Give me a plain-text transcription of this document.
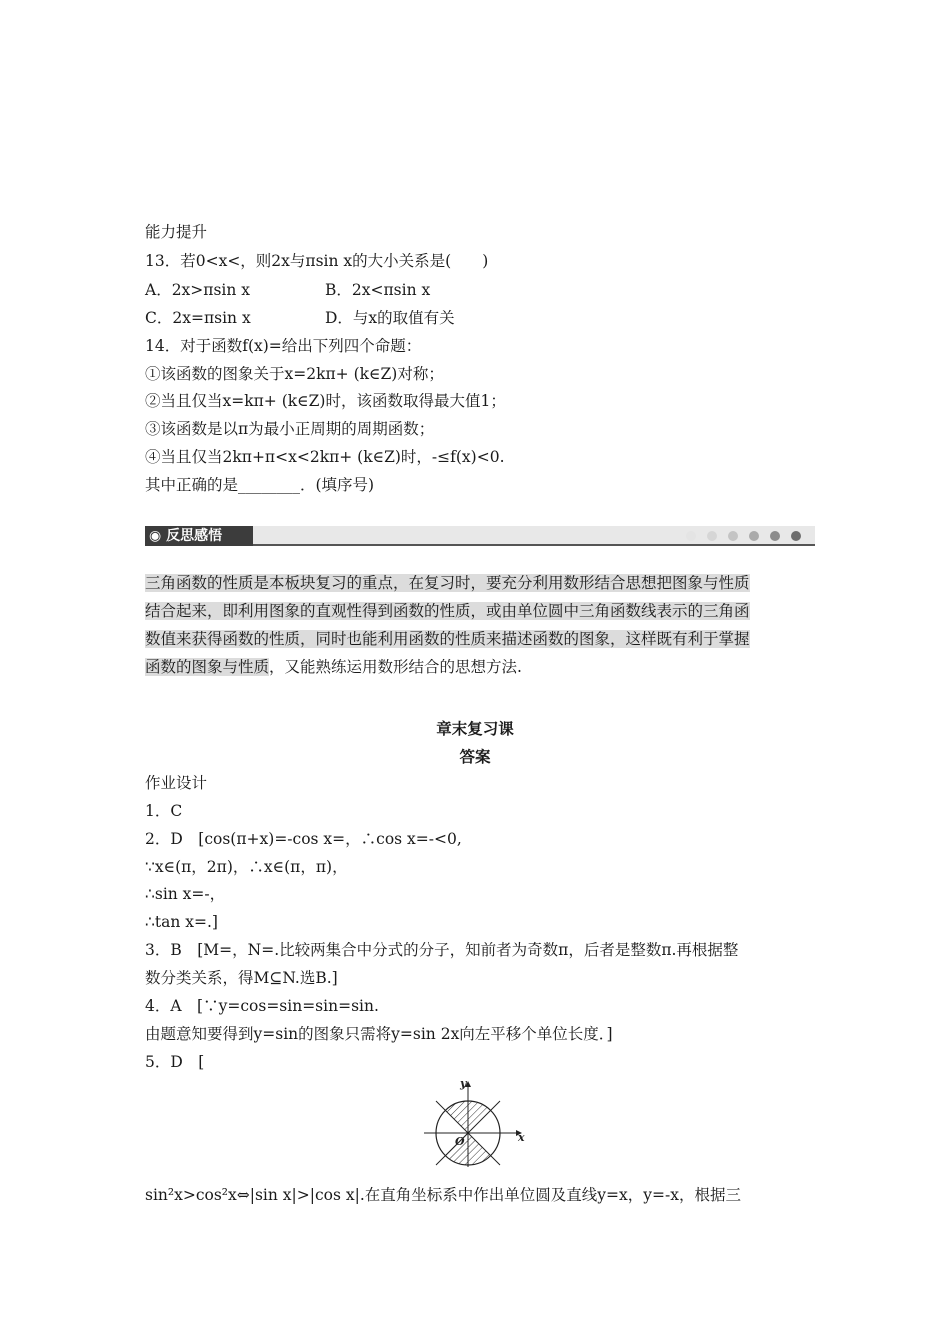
能力提升
13．若0<x<，则2x与πsin x的大小关系是(　　)
A．2x>πsin x	B．2x<πsin x
C．2x=πsin x	D．与x的取值有关
14．对于函数f(x)=给出下列四个命题：
①该函数的图象关于x=2kπ+ (k∈Z)对称；
②当且仅当x=kπ+ (k∈Z)时，该函数取得最大值1；
③该函数是以π为最小正周期的周期函数；
④当且仅当2kπ+π<x<2kπ+ (k∈Z)时，-≤f(x)<0.
其中正确的是________．(填序号)
◉ 反思感悟
三角函数的性质是本板块复习的重点，在复习时，要充分利用数形结合思想把图象与性质
结合起来，即利用图象的直观性得到函数的性质，或由单位圆中三角函数线表示的三角函
数值来获得函数的性质，同时也能利用函数的性质来描述函数的图象，这样既有利于掌握
函数的图象与性质，又能熟练运用数形结合的思想方法.
章末复习课
答案
作业设计
1．C
2．D　[cos(π+x)=-cos x=，∴cos x=-<0,
∵x∈(π，2π)，∴x∈(π，π)，
∴sin x=-，
∴tan x=.]
3．B　[M=，N=.比较两集合中分式的分子，知前者为奇数π，后者是整数π.再根据整
数分类关系，得M⊆N.选B.]
4．A　[∵y=cos=sin=sin=sin.
由题意知要得到y=sin的图象只需将y=sin 2x向左平移个单位长度．]
5．D　[
y
x
O
sin²x>cos²x⇔|sin x|>|cos x|.在直角坐标系中作出单位圆及直线y=x，y=-x，根据三
